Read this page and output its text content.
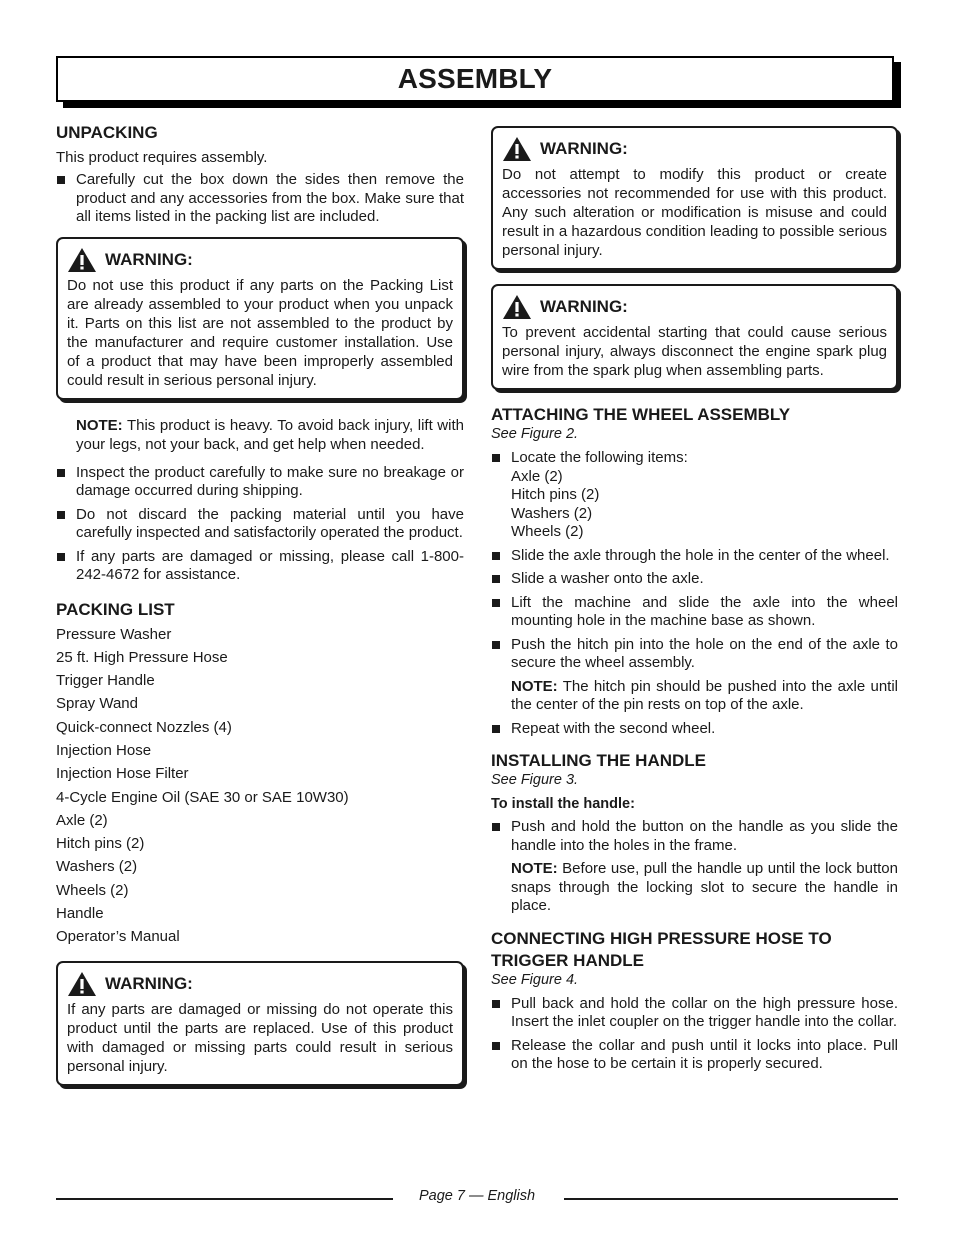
ASSEMBLY
UNPACKING

This product requires assembly.

Carefully cut the box down the sides then remove the product and any accessories from the box. Make sure that all items listed in the packing list are included.
WARNING:

Do not use this product if any parts on the Packing List are already assembled to your product when you unpack it. Parts on this list are not assembled to the product by the manufacturer and require customer installation. Use of a product that may have been improperly assembled could result in serious personal injury.

NOTE: This product is heavy. To avoid back injury, lift with your legs, not your back, and get help when needed.
Inspect the product carefully to make sure no breakage or damage occurred during shipping.
Do not discard the packing material until you have carefully inspected and satisfactorily operated the product.
If any parts are damaged or missing, please call 1-800-242-4672 for assistance.
PACKING LIST

Pressure Washer

25 ft. High Pressure Hose

Trigger Handle

Spray Wand

Quick-connect Nozzles (4)

Injection Hose

Injection Hose Filter

4-Cycle Engine Oil (SAE 30 or SAE 10W30)

Axle (2)

Hitch pins (2)

Washers (2)

Wheels (2)

Handle

Operator’s Manual

WARNING:

If any parts are damaged or missing do not operate this product until the parts are replaced. Use of this product with damaged or missing parts could result in serious personal injury.

WARNING:

Do not attempt to modify this product or create accessories not recommended for use with this product. Any such alteration or modification is misuse and could result in a hazardous condition leading to possible serious personal injury.

WARNING:

To prevent accidental starting that could cause serious personal injury, always disconnect the engine spark plug wire from the spark plug when assembling parts.

ATTACHING THE WHEEL ASSEMBLY
See Figure 2.
Locate the following items:
Axle (2)
Hitch pins (2)
Washers (2)
Wheels (2)
Slide the axle through the hole in the center of the wheel.
Slide a washer onto the axle.
Lift the machine and slide the axle into the wheel mounting hole in the machine base as shown.
Push the hitch pin into the hole on the end of the axle to secure the wheel assembly.
NOTE: The hitch pin should be pushed into the axle until the center of the pin rests on top of the axle.
Repeat with the second wheel.
INSTALLING THE HANDLE
See Figure 3.
To install the handle:
Push and hold the button on the handle as you slide the handle into the holes in the frame.
NOTE: Before use, pull the handle up until the lock button snaps through the locking slot to secure the handle in place.
CONNECTING HIGH PRESSURE HOSE TO TRIGGER HANDLE
See Figure 4.
Pull back and hold the collar on the high pressure hose. Insert the inlet coupler on the trigger handle into the collar.
Release the collar and push until it locks into place. Pull on the hose to be certain it is properly secured.
Page 7 — English
